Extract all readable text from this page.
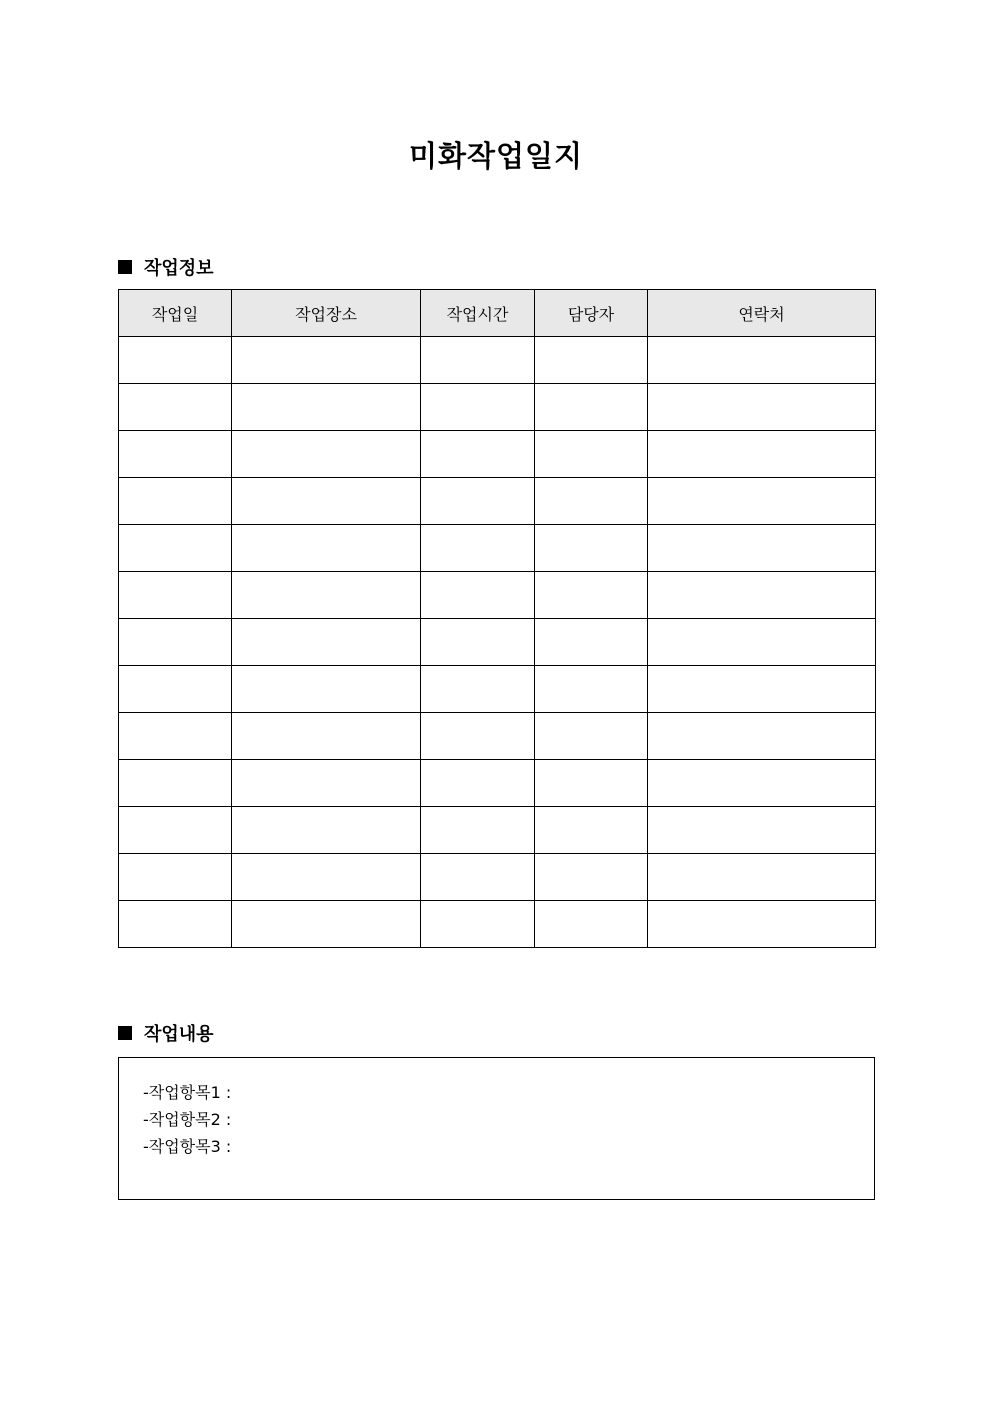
미화작업일지
작업정보
작업일	작업장소	작업시간	담당자	연락처

작업내용
-작업항목1 :
-작업항목2 :
-작업항목3 :
